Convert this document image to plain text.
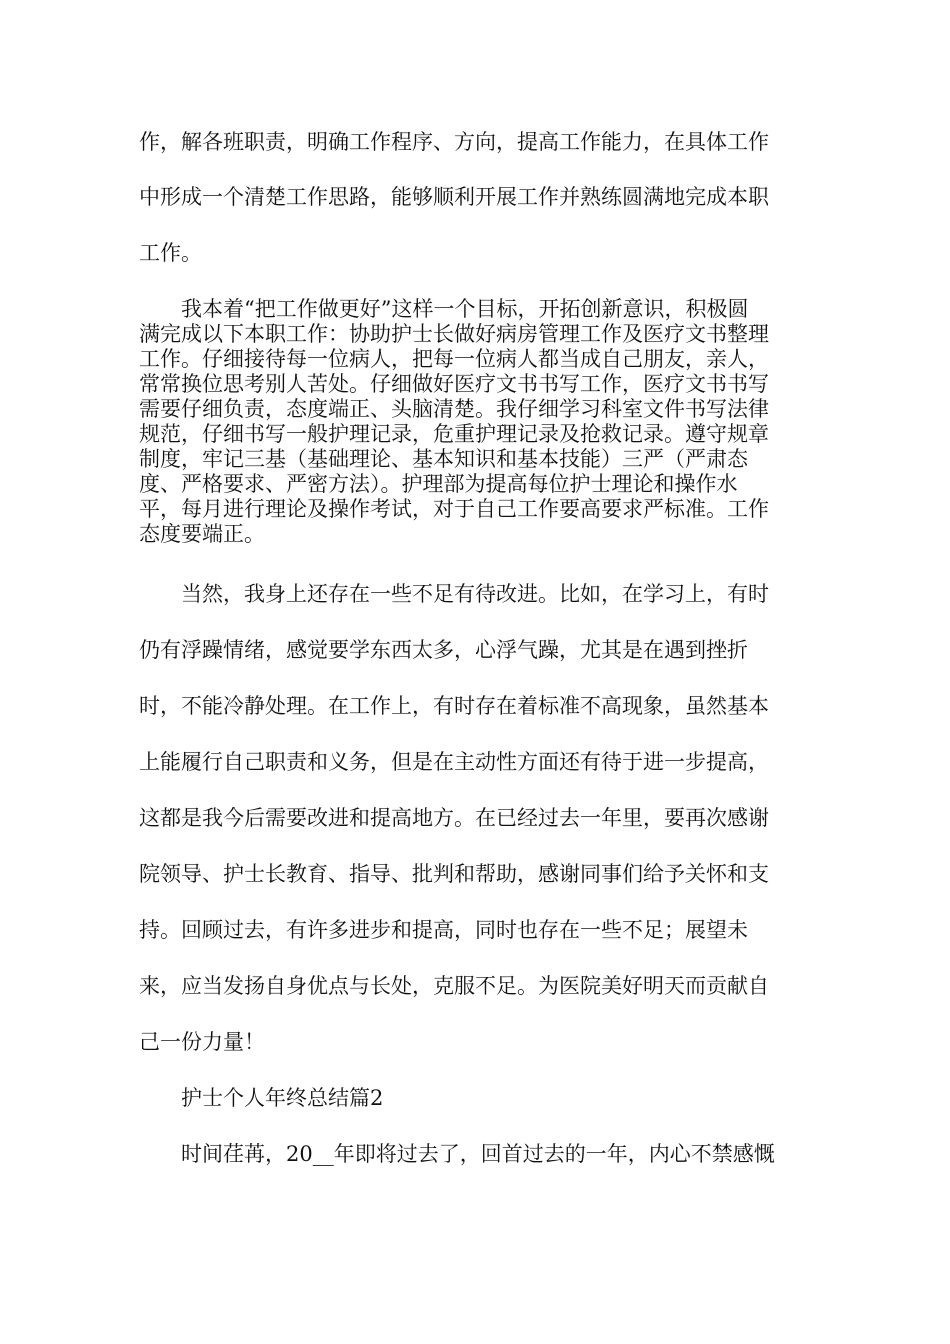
作，解各班职责，明确工作程序、方向，提高工作能力，在具体工作
中形成一个清楚工作思路，能够顺利开展工作并熟练圆满地完成本职
工作。
我本着“把工作做更好”这样一个目标，开拓创新意识，积极圆
满完成以下本职工作：协助护士长做好病房管理工作及医疗文书整理
工作。仔细接待每一位病人，把每一位病人都当成自己朋友，亲人，
常常换位思考别人苦处。仔细做好医疗文书书写工作，医疗文书书写
需要仔细负责，态度端正、头脑清楚。我仔细学习科室文件书写法律
规范，仔细书写一般护理记录，危重护理记录及抢救记录。遵守规章
制度，牢记三基（基础理论、基本知识和基本技能）三严（严肃态
度、严格要求、严密方法）。护理部为提高每位护士理论和操作水
平，每月进行理论及操作考试，对于自己工作要高要求严标准。工作
态度要端正。
当然，我身上还存在一些不足有待改进。比如，在学习上，有时
仍有浮躁情绪，感觉要学东西太多，心浮气躁，尤其是在遇到挫折
时，不能冷静处理。在工作上，有时存在着标准不高现象，虽然基本
上能履行自己职责和义务，但是在主动性方面还有待于进一步提高，
这都是我今后需要改进和提高地方。在已经过去一年里，要再次感谢
院领导、护士长教育、指导、批判和帮助，感谢同事们给予关怀和支
持。回顾过去，有许多进步和提高，同时也存在一些不足；展望未
来，应当发扬自身优点与长处，克服不足。为医院美好明天而贡献自
己一份力量！
护士个人年终总结篇2
时间荏苒，20__年即将过去了，回首过去的一年，内心不禁感慨
